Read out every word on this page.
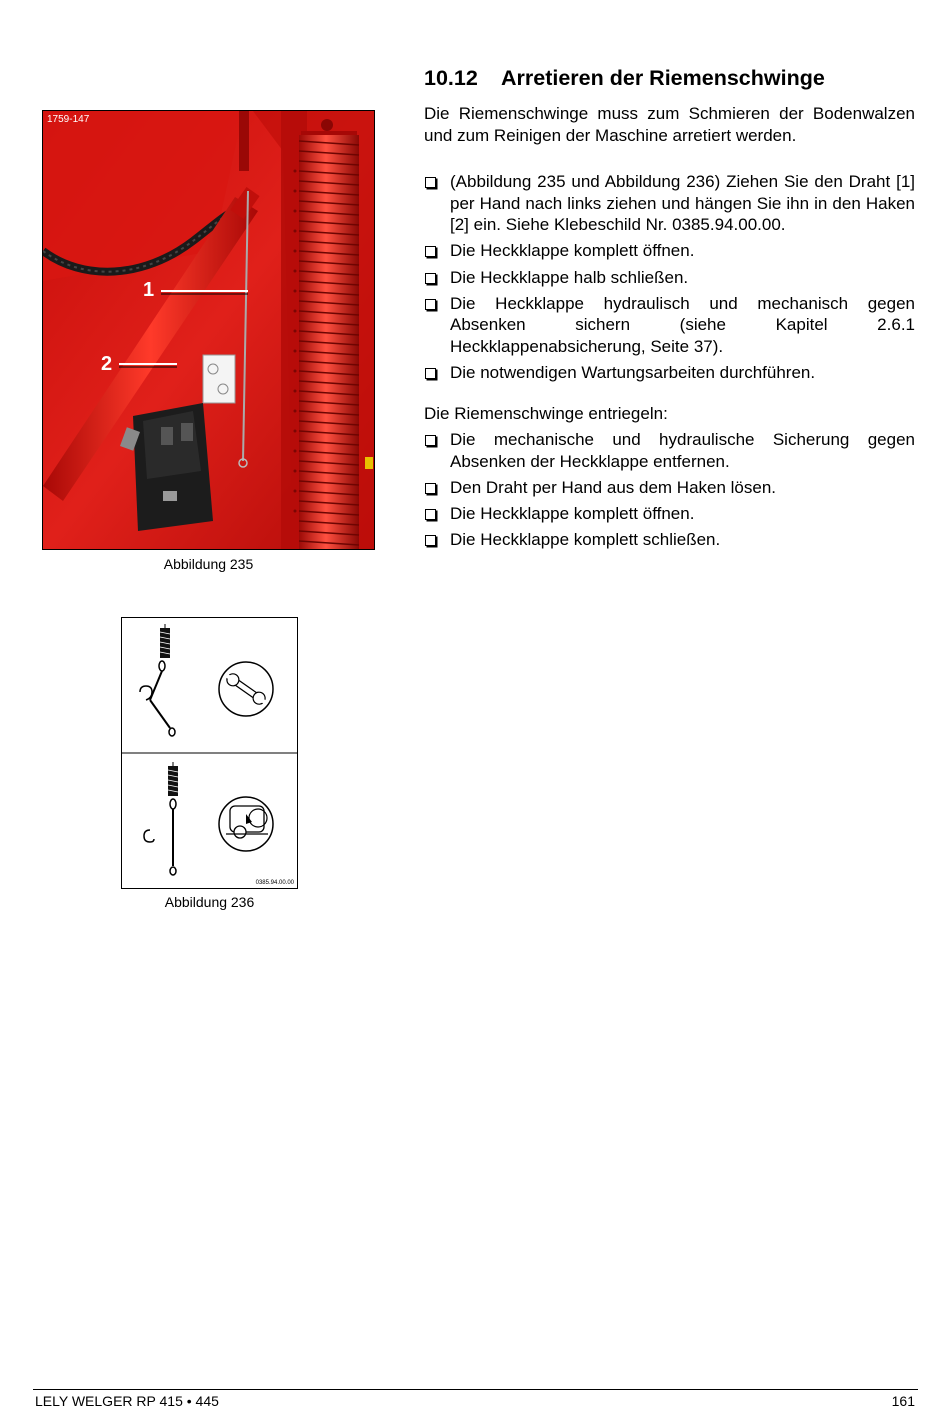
1759-147
1
2
Abbildung 235
0385.94.00.00
Abbildung 236
10.12 Arretieren der Riemenschwinge

Die Riemenschwinge muss zum Schmieren der Bodenwalzen und zum Reinigen der Maschine arretiert werden.

(Abbildung 235 und Abbildung 236) Ziehen Sie den Draht [1] per Hand nach links ziehen und hängen Sie ihn in den Haken [2] ein. Siehe Klebeschild Nr. 0385.94.00.00.
Die Heckklappe komplett öffnen.
Die Heckklappe halb schließen.
Die Heckklappe hydraulisch und mechanisch gegen Absenken sichern (siehe Kapitel 2.6.1 Heckklappenabsicherung, Seite 37).
Die notwendigen Wartungsarbeiten durchführen.

Die Riemenschwinge entriegeln:

Die mechanische und hydraulische Sicherung gegen Absenken der Heckklappe entfernen.
Den Draht per Hand aus dem Haken lösen.
Die Heckklappe komplett öffnen.
Die Heckklappe komplett schließen.
LELY WELGER RP 415 • 445	161
